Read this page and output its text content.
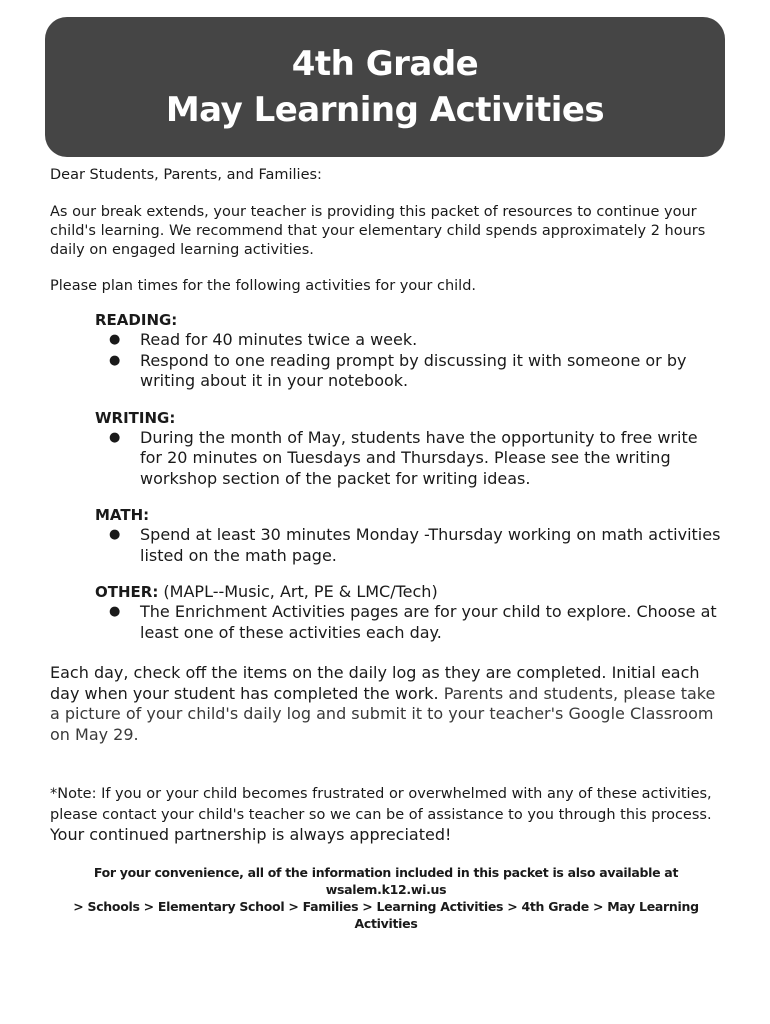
4th Grade
May Learning Activities

Dear Students, Parents, and Families:

As our break extends, your teacher is providing this packet of resources to continue your child's learning. We recommend that your elementary child spends approximately 2 hours daily on engaged learning activities.

Please plan times for the following activities for your child.

READING:
● Read for 40 minutes twice a week.
● Respond to one reading prompt by discussing it with someone or by writing about it in your notebook.
WRITING:
● During the month of May, students have the opportunity to free write for 20 minutes on Tuesdays and Thursdays. Please see the writing workshop section of the packet for writing ideas.
MATH:
● Spend at least 30 minutes Monday -Thursday working on math activities listed on the math page.
OTHER: (MAPL--Music, Art, PE & LMC/Tech)
● The Enrichment Activities pages are for your child to explore. Choose at least one of these activities each day.

Each day, check off the items on the daily log as they are completed. Initial each day when your student has completed the work. Parents and students, please take a picture of your child's daily log and submit it to your teacher's Google Classroom on May 29.

*Note: If you or your child becomes frustrated or overwhelmed with any of these activities, please contact your child's teacher so we can be of assistance to you through this process. Your continued partnership is always appreciated!

For your convenience, all of the information included in this packet is also available at wsalem.k12.wi.us
> Schools > Elementary School > Families > Learning Activities > 4th Grade > May Learning Activities
